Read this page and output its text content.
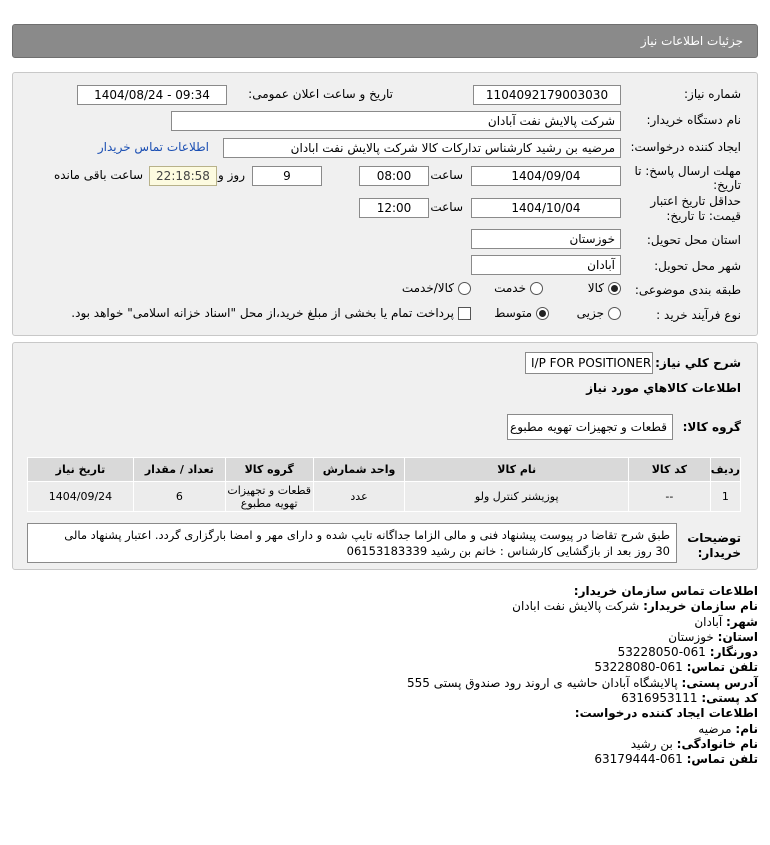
جزئیات اطلاعات نیاز
شماره نیاز:
1104092179003030
تاریخ و ساعت اعلان عمومی:
1404/08/24 - 09:34
نام دستگاه خریدار:
شرکت پالایش نفت آبادان
ایجاد کننده درخواست:
مرضیه بن رشید کارشناس تدارکات کالا شرکت پالایش نفت ابادان
اطلاعات تماس خریدار
مهلت ارسال پاسخ: تا
تاریخ:
1404/09/04
ساعت
08:00
9
روز و
22:18:58
ساعت باقی مانده
حداقل تاریخ اعتبار
قیمت: تا تاریخ:
1404/10/04
ساعت
12:00
استان محل تحویل:
خوزستان
شهر محل تحویل:
آبادان
طبقه بندی موضوعی:
کالا
خدمت
کالا/خدمت
نوع فرآیند خرید :
جزیی
متوسط
پرداخت تمام یا بخشی از مبلغ خرید،از محل "اسناد خزانه اسلامی" خواهد بود.
شرح كلي نياز:
I/P FOR POSITIONER
اطلاعات كالاهاي مورد نياز
گروه کالا:
قطعات و تجهیزات تهویه مطبوع
ردیف	کد کالا	نام کالا	واحد شمارش	گروه کالا	تعداد / مقدار	تاریخ نیاز
1	--	پوزیشنر کنترل ولو	عدد	قطعات و تجهیزات
تهویه مطبوع	6	1404/09/24
توضیحات
خریدار:
طبق شرح تقاضا در پیوست پیشنهاد فنی و مالی الزاما جداگانه تایپ شده و دارای مهر و امضا بارگزاری گردد. اعتبار پشنهاد مالی
30 روز بعد از بازگشایی کارشناس : خانم بن رشید 06153183339
اطلاعات تماس سازمان خریدار:
نام سازمان خریدار: شرکت پالایش نفت ابادان
شهر: آبادان
استان: خوزستان
دورنگار: 061-53228050
تلفن تماس: 061-53228080
آدرس پستی: پالایشگاه آبادان حاشیه ی اروند رود صندوق پستی 555
کد پستی: 6316953111
اطلاعات ایجاد کننده درخواست:
نام: مرضیه
نام خانوادگی: بن رشید
تلفن تماس: 061-63179444
